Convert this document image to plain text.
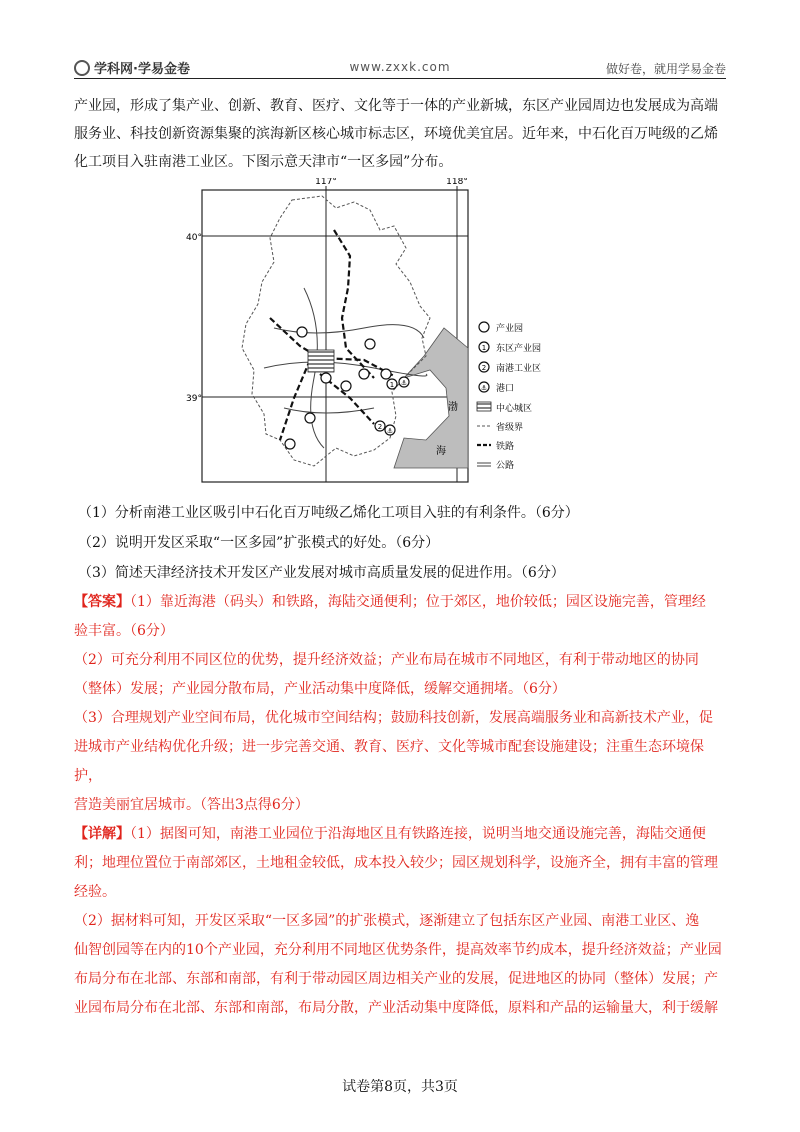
学科网·学易金卷	www.zxxk.com	做好卷，就用学易金卷

产业园，形成了集产业、创新、教育、医疗、文化等于一体的产业新城，东区产业园周边也发展成为高端

服务业、科技创新资源集聚的滨海新区核心城市标志区，环境优美宜居。近年来，中石化百万吨级的乙烯

化工项目入驻南港工业区。下图示意天津市“一区多园”分布。

117°	118°
40°
39°
渤
海
1
2
⚓
⚓
产业园
1 东区产业园
2 南港工业区
⚓ 港口
中心城区
省级界
铁路
公路

（1）分析南港工业区吸引中石化百万吨级乙烯化工项目入驻的有利条件。（6分）

（2）说明开发区采取“一区多园”扩张模式的好处。（6分）

（3）简述天津经济技术开发区产业发展对城市高质量发展的促进作用。（6分）

【答案】（1）靠近海港（码头）和铁路，海陆交通便利；位于郊区，地价较低；园区设施完善，管理经

验丰富。（6分）

（2）可充分利用不同区位的优势，提升经济效益；产业布局在城市不同地区，有利于带动地区的协同

（整体）发展；产业园分散布局，产业活动集中度降低，缓解交通拥堵。（6分）

（3）合理规划产业空间布局，优化城市空间结构；鼓励科技创新，发展高端服务业和高新技术产业，促

进城市产业结构优化升级；进一步完善交通、教育、医疗、文化等城市配套设施建设；注重生态环境保护，

营造美丽宜居城市。（答出3点得6分）

【详解】（1）据图可知，南港工业园位于沿海地区且有铁路连接，说明当地交通设施完善，海陆交通便

利；地理位置位于南部郊区，土地租金较低，成本投入较少；园区规划科学，设施齐全，拥有丰富的管理

经验。

（2）据材料可知，开发区采取“一区多园”的扩张模式，逐渐建立了包括东区产业园、南港工业区、逸

仙智创园等在内的10个产业园，充分利用不同地区优势条件，提高效率节约成本，提升经济效益；产业园

布局分布在北部、东部和南部，有利于带动园区周边相关产业的发展，促进地区的协同（整体）发展；产

业园布局分布在北部、东部和南部，布局分散，产业活动集中度降低，原料和产品的运输量大，利于缓解

试卷第8页，共3页
